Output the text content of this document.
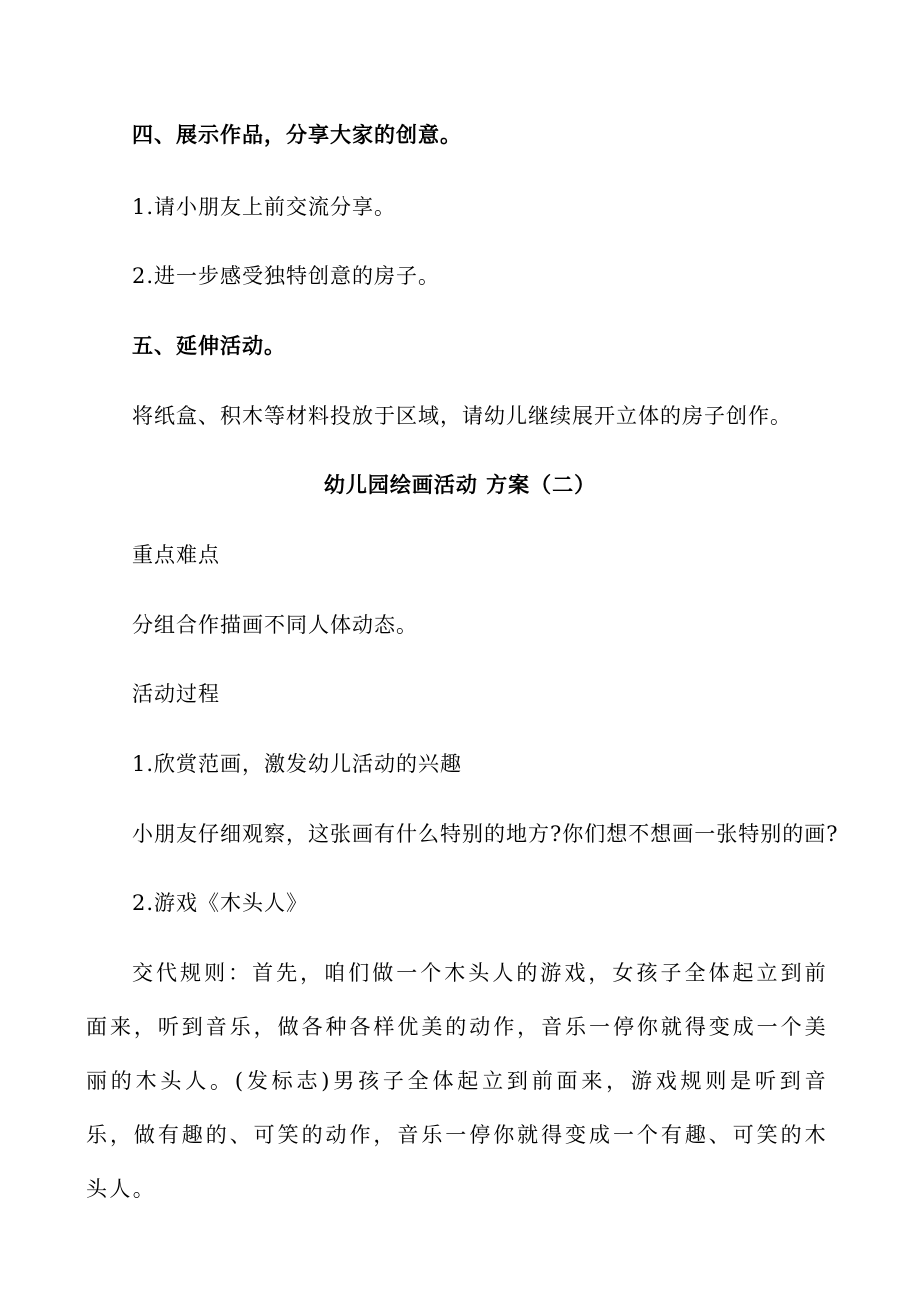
四、展示作品，分享大家的创意。
1.请小朋友上前交流分享。
2.进一步感受独特创意的房子。
五、延伸活动。
将纸盒、积木等材料投放于区域，请幼儿继续展开立体的房子创作。
幼儿园绘画活动 方案（二）
重点难点
分组合作描画不同人体动态。
活动过程
1.欣赏范画，激发幼儿活动的兴趣
小朋友仔细观察，这张画有什么特别的地方?你们想不想画一张特别的画?
2.游戏《木头人》
交代规则：首先，咱们做一个木头人的游戏，女孩子全体起立到前面来，听到音乐，做各种各样优美的动作，音乐一停你就得变成一个美丽的木头人。(发标志)男孩子全体起立到前面来，游戏规则是听到音乐，做有趣的、可笑的动作，音乐一停你就得变成一个有趣、可笑的木头人。
